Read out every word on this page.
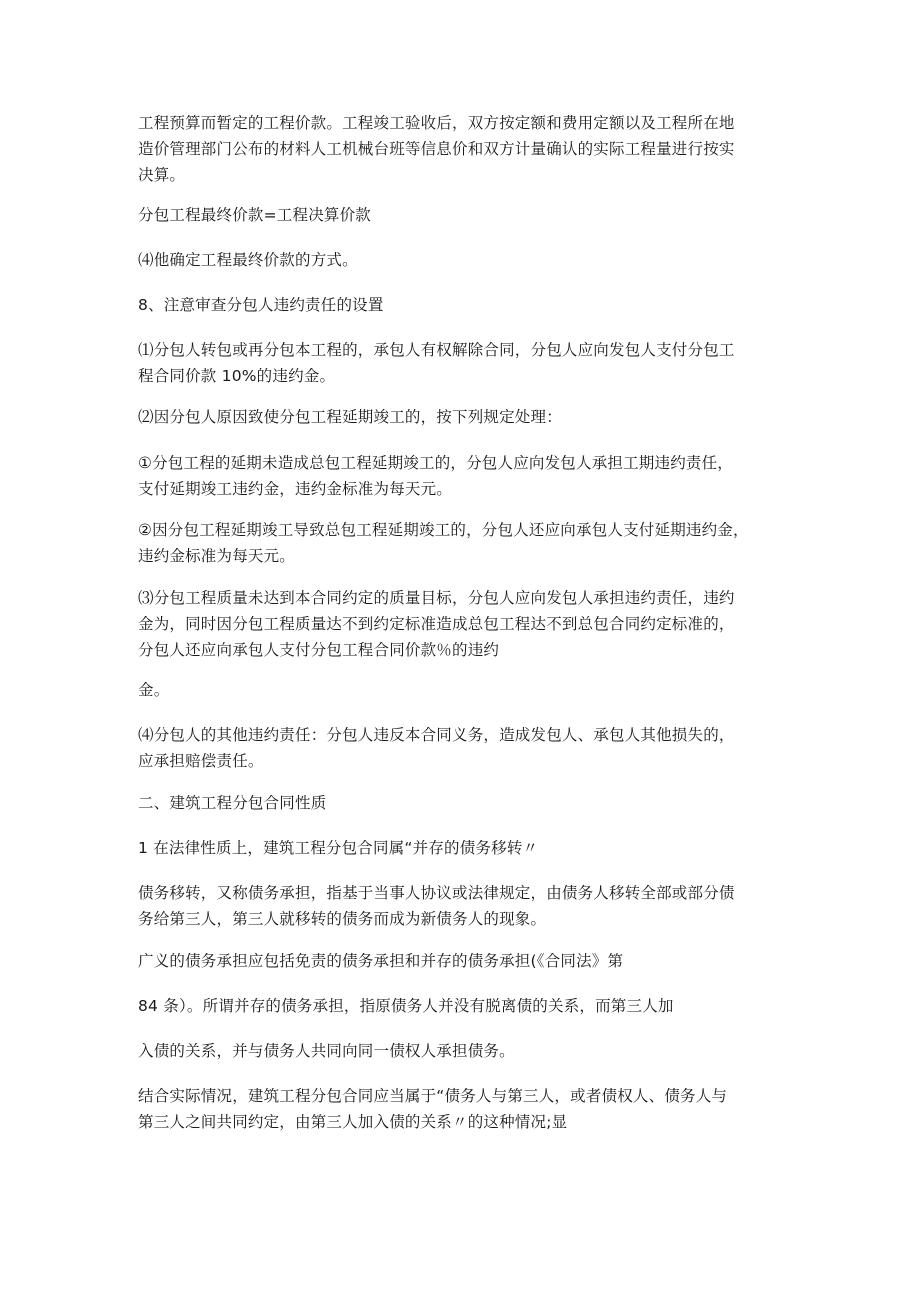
工程预算而暂定的工程价款。工程竣工验收后，双方按定额和费用定额以及工程所在地
造价管理部门公布的材料人工机械台班等信息价和双方计量确认的实际工程量进行按实
决算。

分包工程最终价款=工程决算价款

⑷他确定工程最终价款的方式。

8、注意审查分包人违约责任的设置

⑴分包人转包或再分包本工程的，承包人有权解除合同，分包人应向发包人支付分包工
程合同价款 10%的违约金。

⑵因分包人原因致使分包工程延期竣工的，按下列规定处理：

①分包工程的延期未造成总包工程延期竣工的，分包人应向发包人承担工期违约责任，
支付延期竣工违约金，违约金标准为每天元。

②因分包工程延期竣工导致总包工程延期竣工的，分包人还应向承包人支付延期违约金，
违约金标准为每天元。

⑶分包工程质量未达到本合同约定的质量目标，分包人应向发包人承担违约责任，违约
金为，同时因分包工程质量达不到约定标准造成总包工程达不到总包合同约定标准的，
分包人还应向承包人支付分包工程合同价款％的违约

金。

⑷分包人的其他违约责任：分包人违反本合同义务，造成发包人、承包人其他损失的，
应承担赔偿责任。

二、建筑工程分包合同性质

1 在法律性质上，建筑工程分包合同属“并存的债务移转〃

债务移转，又称债务承担，指基于当事人协议或法律规定，由债务人移转全部或部分债
务给第三人，第三人就移转的债务而成为新债务人的现象。

广义的债务承担应包括免责的债务承担和并存的债务承担(《合同法》第

84 条）。所谓并存的债务承担，指原债务人并没有脱离债的关系，而第三人加

入债的关系，并与债务人共同向同一债权人承担债务。

结合实际情况，建筑工程分包合同应当属于“债务人与第三人，或者债权人、债务人与
第三人之间共同约定，由第三人加入债的关系〃的这种情况;显
